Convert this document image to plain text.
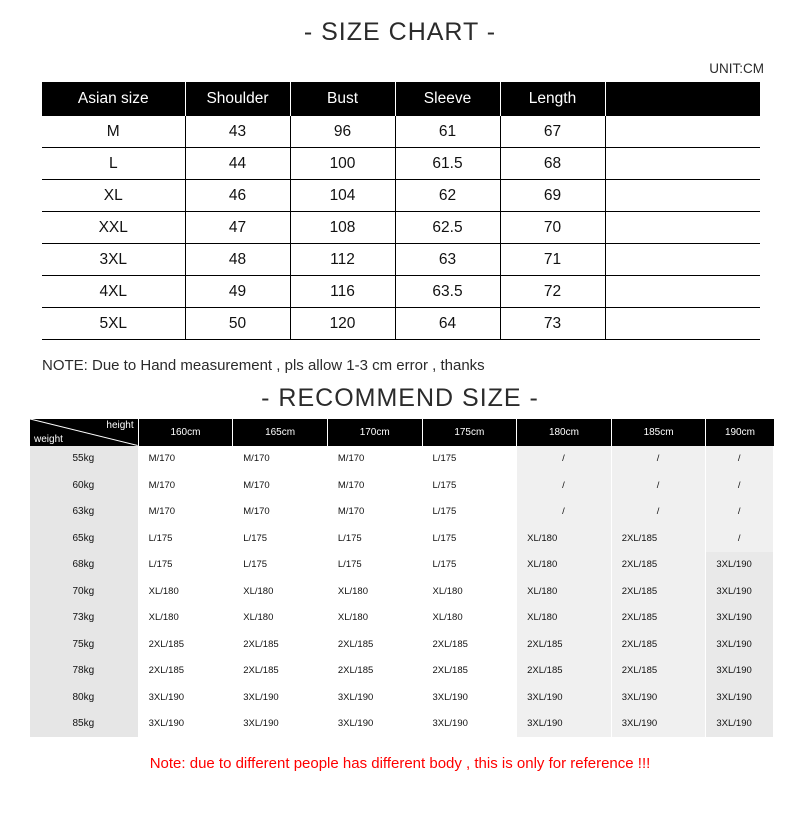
- SIZE CHART -
UNIT:CM
Asian size	Shoulder	Bust	Sleeve	Length	
M	43	96	61	67	
L	44	100	61.5	68	
XL	46	104	62	69	
XXL	47	108	62.5	70	
3XL	48	112	63	71	
4XL	49	116	63.5	72	
5XL	50	120	64	73	
NOTE: Due to Hand measurement , pls allow 1-3 cm error , thanks
- RECOMMEND SIZE -
height
weight	160cm	165cm	170cm	175cm	180cm	185cm	190cm
55kg	M/170	M/170	M/170	L/175	/	/	/
60kg	M/170	M/170	M/170	L/175	/	/	/
63kg	M/170	M/170	M/170	L/175	/	/	/
65kg	L/175	L/175	L/175	L/175	XL/180	2XL/185	/
68kg	L/175	L/175	L/175	L/175	XL/180	2XL/185	3XL/190
70kg	XL/180	XL/180	XL/180	XL/180	XL/180	2XL/185	3XL/190
73kg	XL/180	XL/180	XL/180	XL/180	XL/180	2XL/185	3XL/190
75kg	2XL/185	2XL/185	2XL/185	2XL/185	2XL/185	2XL/185	3XL/190
78kg	2XL/185	2XL/185	2XL/185	2XL/185	2XL/185	2XL/185	3XL/190
80kg	3XL/190	3XL/190	3XL/190	3XL/190	3XL/190	3XL/190	3XL/190
85kg	3XL/190	3XL/190	3XL/190	3XL/190	3XL/190	3XL/190	3XL/190
Note: due to different people has different body , this is only for reference !!!
